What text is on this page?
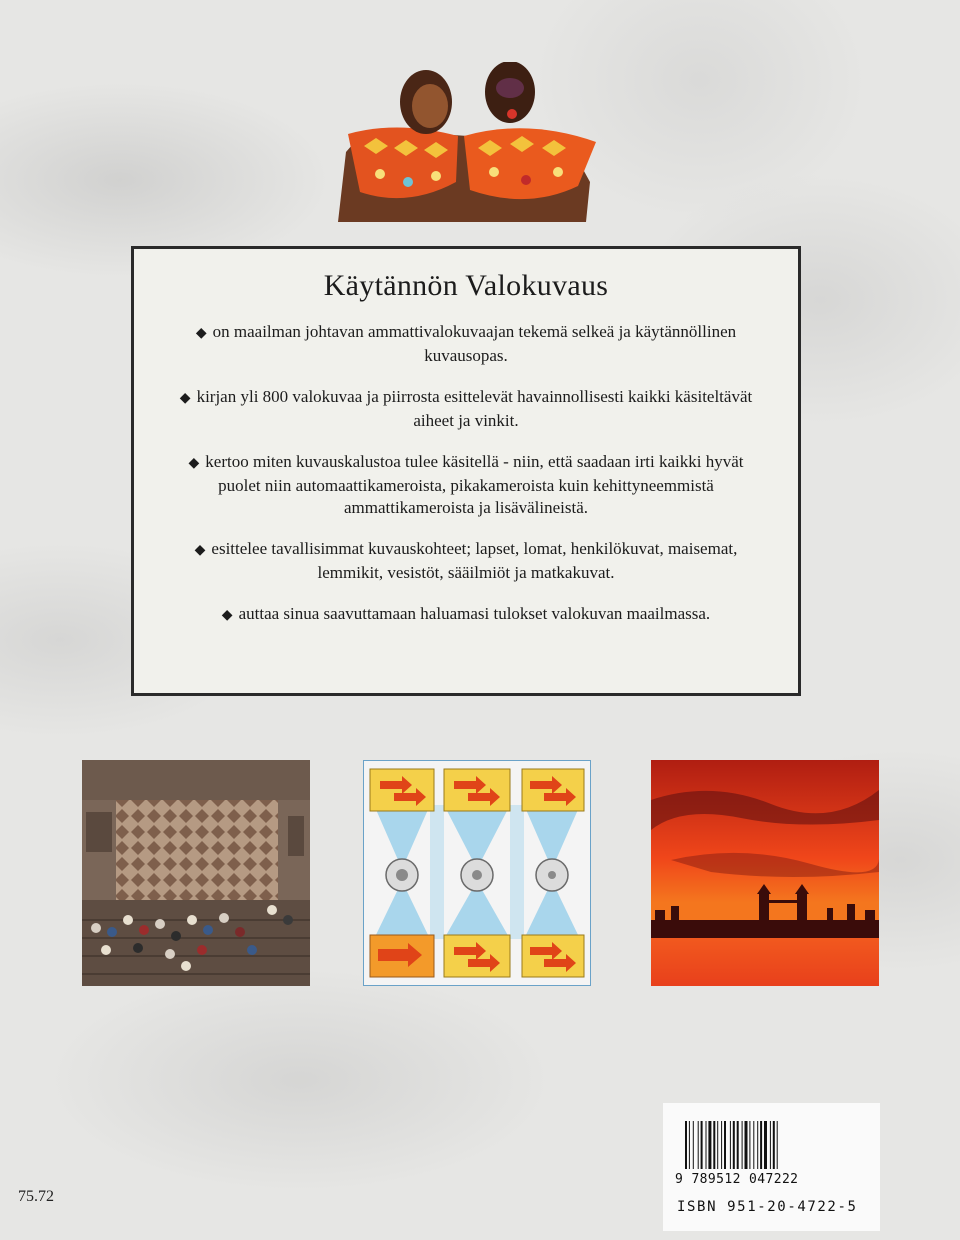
Käytännön Valokuvaus
◆ on maailman johtavan ammattivalokuvaajan tekemä selkeä ja käytännöllinen kuvausopas.
◆ kirjan yli 800 valokuvaa ja piirrosta esittelevät havainnollisesti kaikki käsiteltävät aiheet ja vinkit.
◆ kertoo miten kuvauskalustoa tulee käsitellä - niin, että saadaan irti kaikki hyvät puolet niin automaattikameroista, pikakameroista kuin kehittyneemmistä ammattikameroista ja lisävälineistä.
◆ esittelee tavallisimmat kuvauskohteet; lapset, lomat, henkilökuvat, maisemat, lemmikit, vesistöt, sääilmiöt ja matkakuvat.
◆ auttaa sinua saavuttamaan haluamasi tulokset valokuvan maailmassa.
75.72
9 789512 047222
ISBN 951-20-4722-5
